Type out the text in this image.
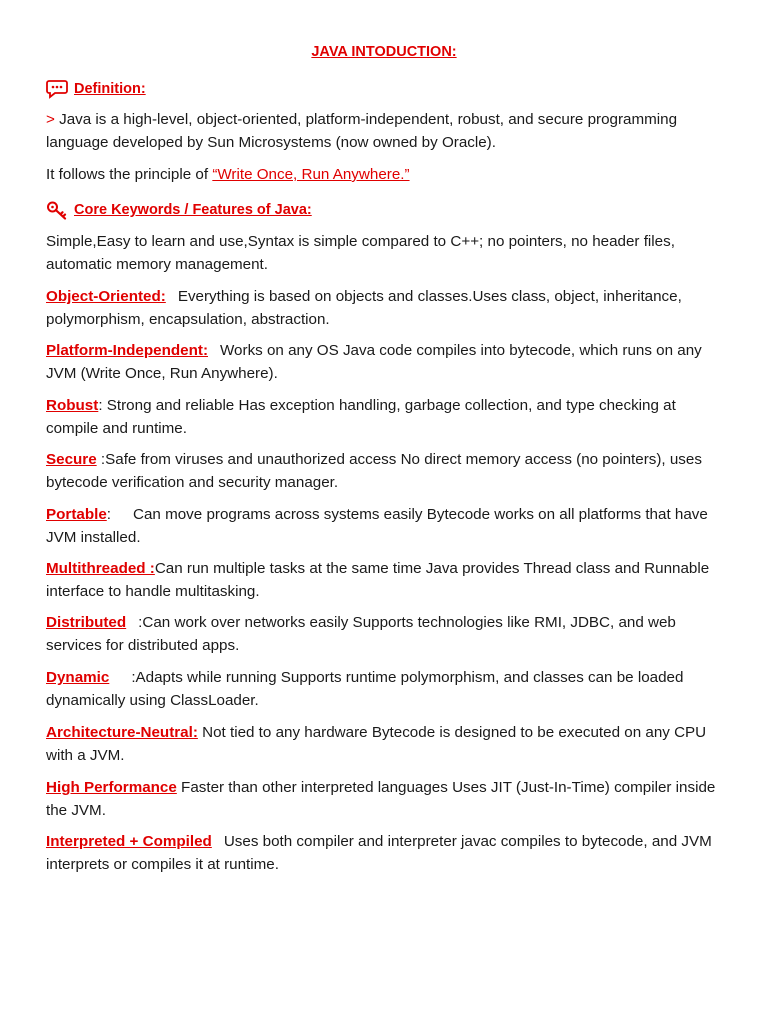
JAVA INTODUCTION:
Definition:
> Java is a high-level, object-oriented, platform-independent, robust, and secure programming language developed by Sun Microsystems (now owned by Oracle).
It follows the principle of “Write Once, Run Anywhere.”
Core Keywords / Features of Java:
Simple,Easy to learn and use,Syntax is simple compared to C++; no pointers, no header files, automatic memory management.
Object-Oriented: Everything is based on objects and classes.Uses class, object, inheritance, polymorphism, encapsulation, abstraction.
Platform-Independent: Works on any OS Java code compiles into bytecode, which runs on any JVM (Write Once, Run Anywhere).
Robust: Strong and reliable Has exception handling, garbage collection, and type checking at compile and runtime.
Secure :Safe from viruses and unauthorized access No direct memory access (no pointers), uses bytecode verification and security manager.
Portable: Can move programs across systems easily Bytecode works on all platforms that have JVM installed.
Multithreaded :Can run multiple tasks at the same time Java provides Thread class and Runnable interface to handle multitasking.
Distributed :Can work over networks easily Supports technologies like RMI, JDBC, and web services for distributed apps.
Dynamic :Adapts while running Supports runtime polymorphism, and classes can be loaded dynamically using ClassLoader.
Architecture-Neutral: Not tied to any hardware Bytecode is designed to be executed on any CPU with a JVM.
High Performance Faster than other interpreted languages Uses JIT (Just-In-Time) compiler inside the JVM.
Interpreted + Compiled Uses both compiler and interpreter javac compiles to bytecode, and JVM interprets or compiles it at runtime.
